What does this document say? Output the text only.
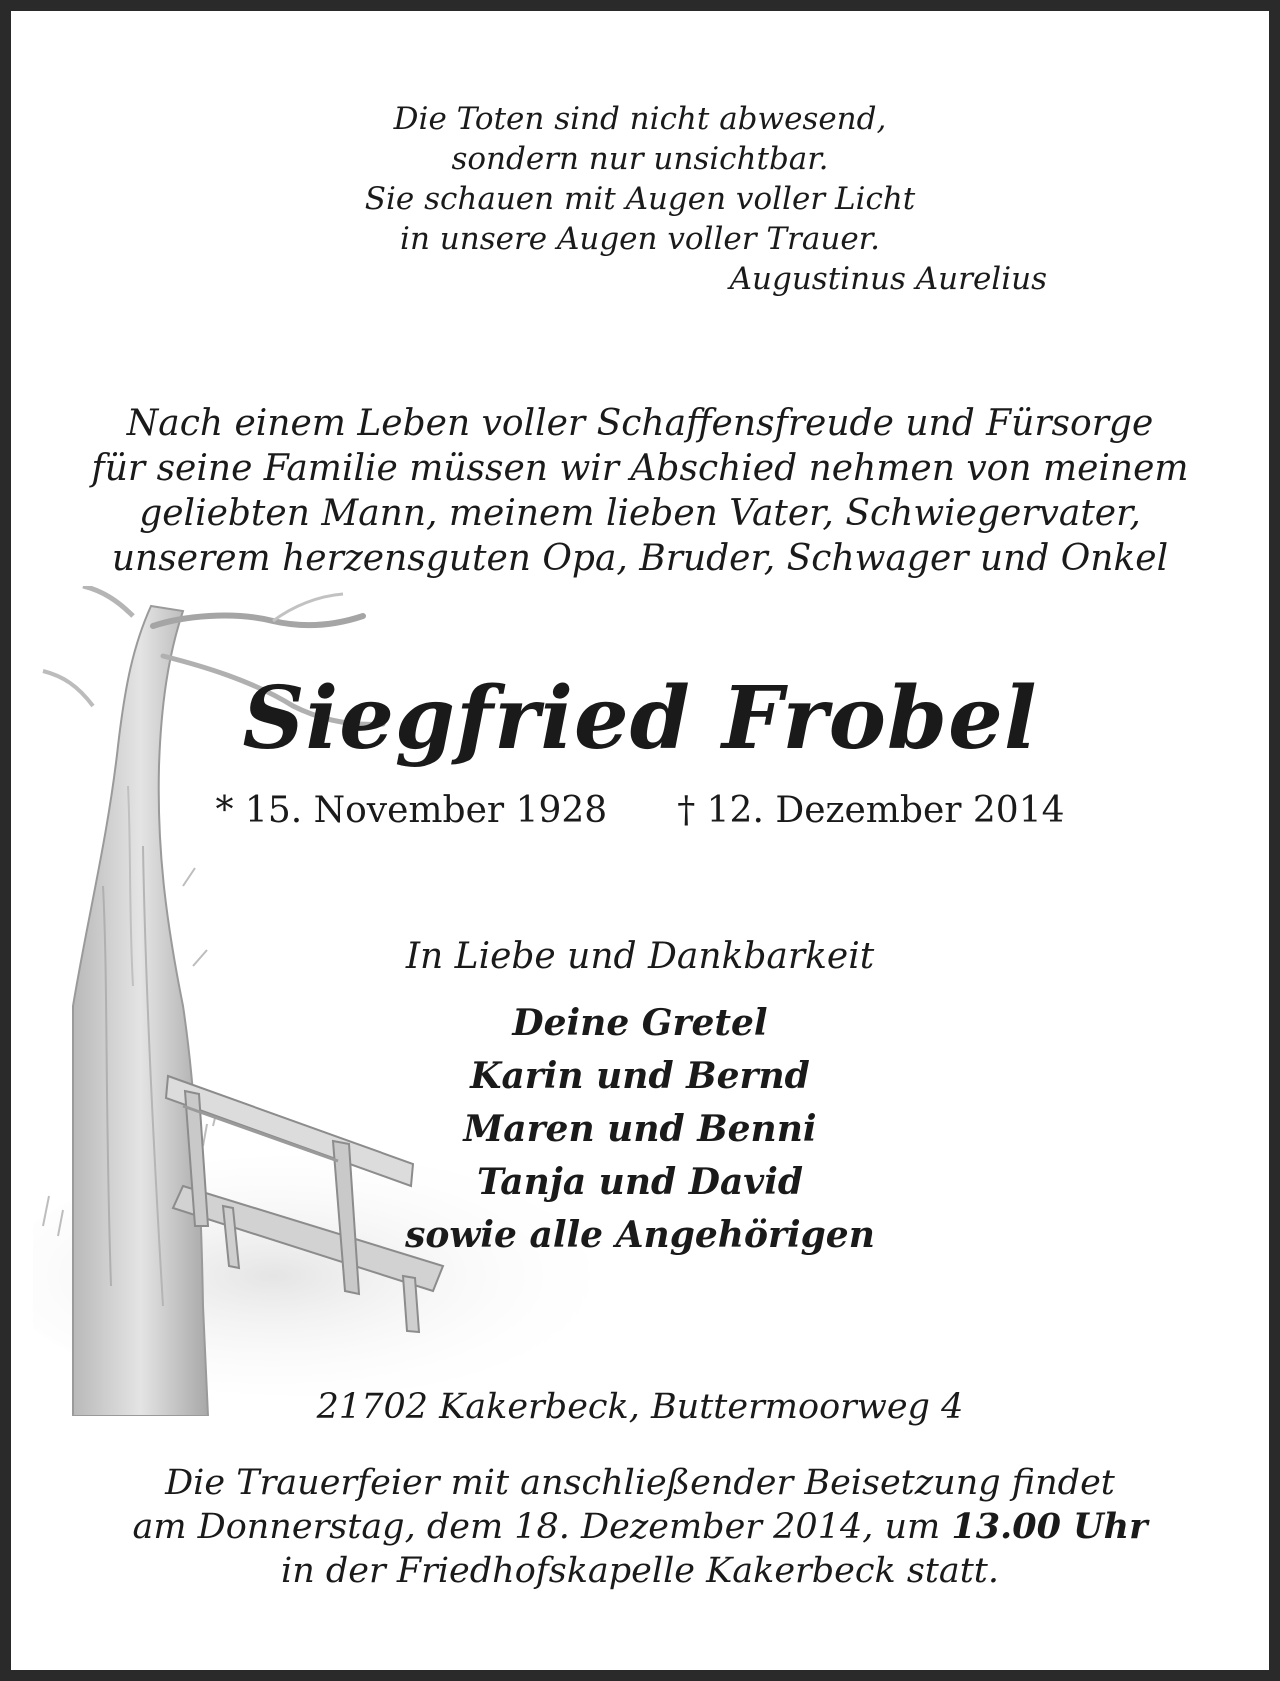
Die Toten sind nicht abwesend,
sondern nur unsichtbar.
Sie schauen mit Augen voller Licht
in unsere Augen voller Trauer.
Augustinus Aurelius
Nach einem Leben voller Schaffensfreude und Fürsorge
für seine Familie müssen wir Abschied nehmen von meinem
geliebten Mann, meinem lieben Vater, Schwiegervater,
unserem herzensguten Opa, Bruder, Schwager und Onkel
Siegfried Frobel
* 15. November 1928 † 12. Dezember 2014
In Liebe und Dankbarkeit
Deine Gretel
Karin und Bernd
Maren und Benni
Tanja und David
sowie alle Angehörigen
21702 Kakerbeck, Buttermoorweg 4
Die Trauerfeier mit anschließender Beisetzung findet
am Donnerstag, dem 18. Dezember 2014, um 13.00 Uhr
in der Friedhofskapelle Kakerbeck statt.
